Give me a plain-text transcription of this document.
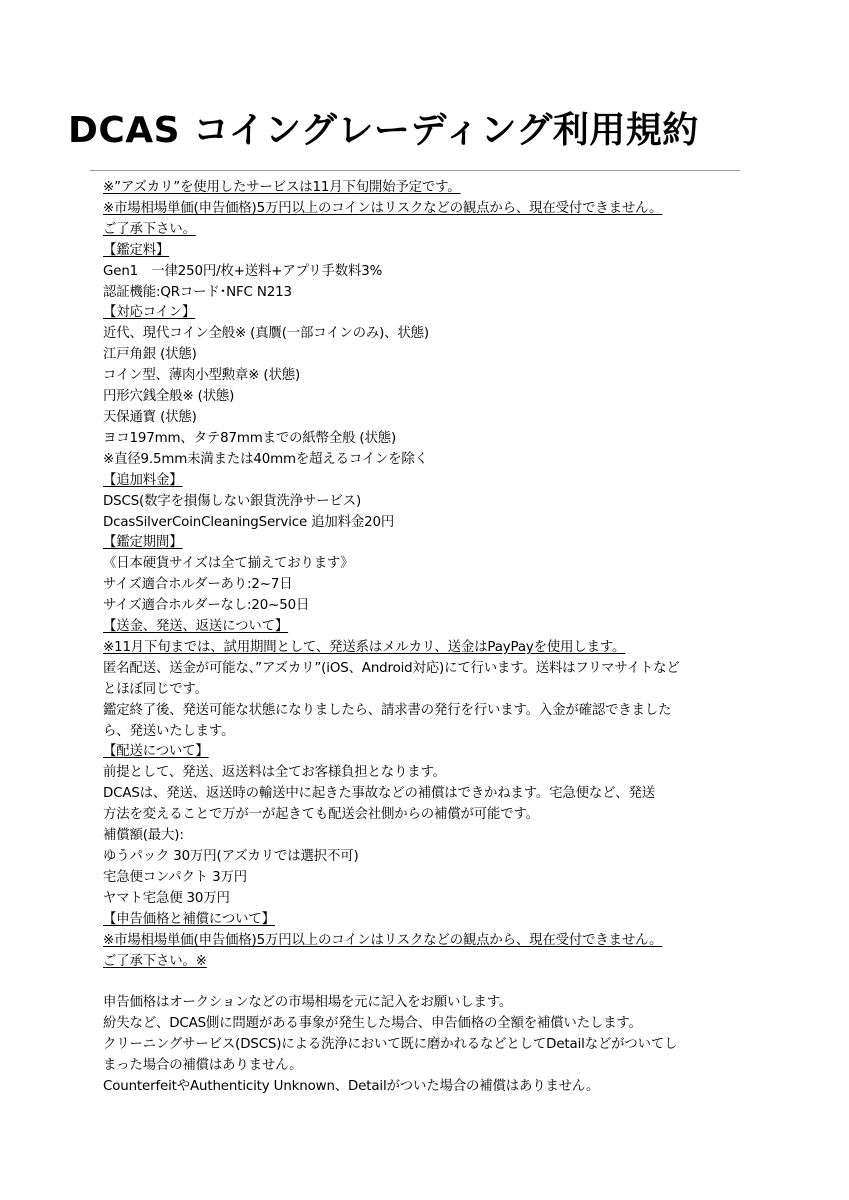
DCAS コイングレーディング利用規約
※”アズカリ”を使用したサービスは11月下旬開始予定です。
※市場相場単価(申告価格)5万円以上のコインはリスクなどの観点から、現在受付できません。
ご了承下さい。
【鑑定料】
Gen1　一律250円/枚+送料+アプリ手数料3%
認証機能:QRコード･NFC N213
【対応コイン】
近代、現代コイン全般※ (真贋(一部コインのみ)、状態)
江戸角銀 (状態)
コイン型、薄肉小型勲章※ (状態)
円形穴銭全般※ (状態)
天保通寳 (状態)
ヨコ197mm、タテ87mmまでの紙幣全般 (状態)
※直径9.5mm未満または40mmを超えるコインを除く
【追加料金】
DSCS(数字を損傷しない銀貨洗浄サービス)
DcasSilverCoinCleaningService 追加料金20円
【鑑定期間】
《日本硬貨サイズは全て揃えております》
サイズ適合ホルダーあり:2~7日
サイズ適合ホルダーなし:20~50日
【送金、発送、返送について】
※11月下旬までは、試用期間として、発送系はメルカリ、送金はPayPayを使用します。
匿名配送、送金が可能な、”アズカリ”(iOS、Android対応)にて行います。送料はフリマサイトなど
とほぼ同じです。
鑑定終了後、発送可能な状態になりましたら、請求書の発行を行います。入金が確認できました
ら、発送いたします。
【配送について】
前提として、発送、返送料は全てお客様負担となります。
DCASは、発送、返送時の輸送中に起きた事故などの補償はできかねます。宅急便など、発送
方法を変えることで万が一が起きても配送会社側からの補償が可能です。
補償額(最大):
ゆうパック 30万円(アズカリでは選択不可)
宅急便コンパクト 3万円
ヤマト宅急便 30万円
【申告価格と補償について】
※市場相場単価(申告価格)5万円以上のコインはリスクなどの観点から、現在受付できません。
ご了承下さい。※
申告価格はオークションなどの市場相場を元に記入をお願いします。
紛失など、DCAS側に問題がある事象が発生した場合、申告価格の全額を補償いたします。
クリーニングサービス(DSCS)による洗浄において既に磨かれるなどとしてDetailなどがついてし
まった場合の補償はありません。
CounterfeitやAuthenticity Unknown、Detailがついた場合の補償はありません。
